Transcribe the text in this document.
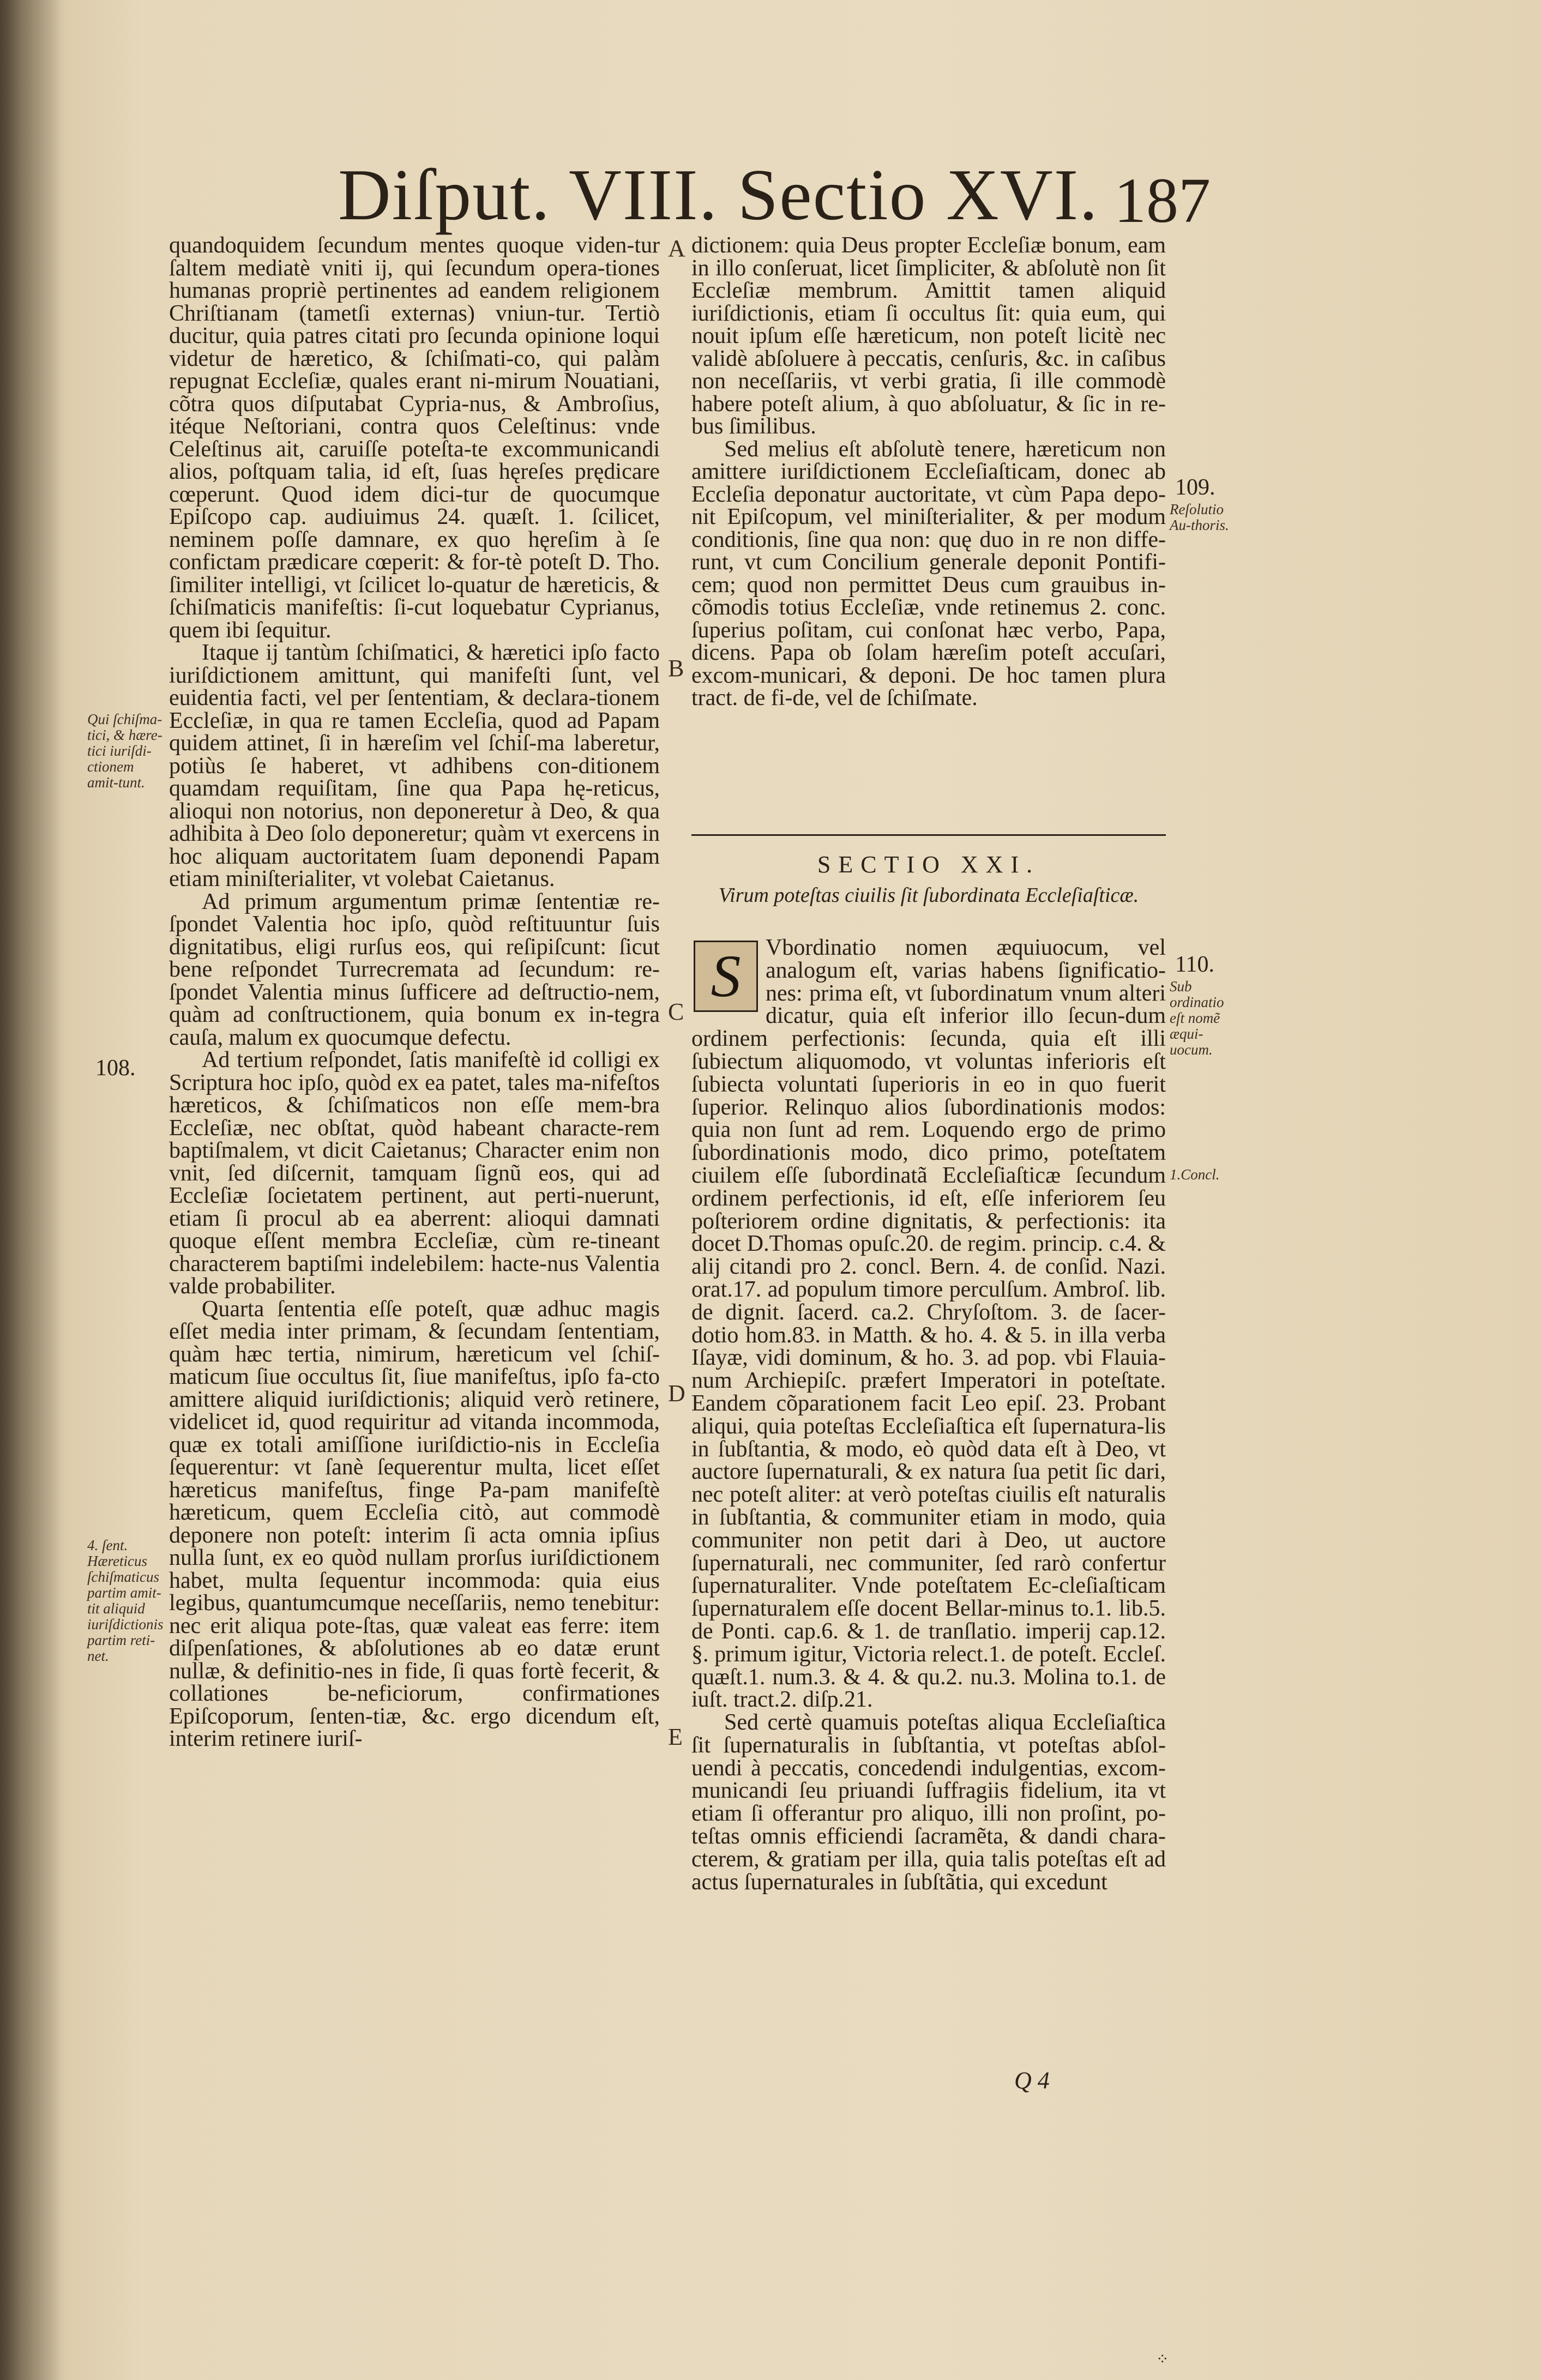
Diſput. VIII. Sectio XVI. 187

quandoquidem ſecundum mentes quoque viden-tur ſaltem mediatè vniti ij, qui ſecundum opera-tiones humanas propriè pertinentes ad eandem religionem Chriſtianam (tametſi externas) vniun-tur. Tertiò ducitur, quia patres citati pro ſecunda opinione loqui videtur de hæretico, & ſchiſmati-co, qui palàm repugnat Eccleſiæ, quales erant ni-mirum Nouatiani, cõtra quos diſputabat Cypria-nus, & Ambroſius, itéque Neſtoriani, contra quos Celeſtinus: vnde Celeſtinus ait, caruiſſe poteſta-te excommunicandi alios, poſtquam talia, id eſt, ſuas hęreſes prędicare cœperunt. Quod idem dici-tur de quocumque Epiſcopo cap. audiuimus 24. quæſt. 1. ſcilicet, neminem poſſe damnare, ex quo hęreſim à ſe confictam prædicare cœperit: & for-tè poteſt D. Tho. ſimiliter intelligi, vt ſcilicet lo-quatur de hæreticis, & ſchiſmaticis manifeſtis: ſi-cut loquebatur Cyprianus, quem ibi ſequitur.

Itaque ij tantùm ſchiſmatici, & hæretici ipſo facto iuriſdictionem amittunt, qui manifeſti ſunt, vel euidentia facti, vel per ſententiam, & declara-tionem Eccleſiæ, in qua re tamen Eccleſia, quod ad Papam quidem attinet, ſi in hæreſim vel ſchiſ-ma laberetur, potiùs ſe haberet, vt adhibens con-ditionem quamdam requiſitam, ſine qua Papa hę-reticus, alioqui non notorius, non deponeretur à Deo, & qua adhibita à Deo ſolo deponeretur; quàm vt exercens in hoc aliquam auctoritatem ſuam deponendi Papam etiam miniſterialiter, vt volebat Caietanus.

Ad primum argumentum primæ ſententiæ re-ſpondet Valentia hoc ipſo, quòd reſtituuntur ſuis dignitatibus, eligi rurſus eos, qui reſipiſcunt: ſicut bene reſpondet Turrecremata ad ſecundum: re-ſpondet Valentia minus ſufficere ad deſtructio-nem, quàm ad conſtructionem, quia bonum ex in-tegra cauſa, malum ex quocumque defectu.

Ad tertium reſpondet, ſatis manifeſtè id colligi ex Scriptura hoc ipſo, quòd ex ea patet, tales ma-nifeſtos hæreticos, & ſchiſmaticos non eſſe mem-bra Eccleſiæ, nec obſtat, quòd habeant characte-rem baptiſmalem, vt dicit Caietanus; Character enim non vnit, ſed diſcernit, tamquam ſignũ eos, qui ad Eccleſiæ ſocietatem pertinent, aut perti-nuerunt, etiam ſi procul ab ea aberrent: alioqui damnati quoque eſſent membra Eccleſiæ, cùm re-tineant characterem baptiſmi indelebilem: hacte-nus Valentia valde probabiliter.

Quarta ſententia eſſe poteſt, quæ adhuc magis eſſet media inter primam, & ſecundam ſententiam, quàm hæc tertia, nimirum, hæreticum vel ſchiſ-maticum ſiue occultus ſit, ſiue manifeſtus, ipſo fa-cto amittere aliquid iuriſdictionis; aliquid verò retinere, videlicet id, quod requiritur ad vitanda incommoda, quæ ex totali amiſſione iuriſdictio-nis in Eccleſia ſequerentur: vt ſanè ſequerentur multa, licet eſſet hæreticus manifeſtus, finge Pa-pam manifeſtè hæreticum, quem Eccleſia citò, aut commodè deponere non poteſt: interim ſi acta omnia ipſius nulla ſunt, ex eo quòd nullam prorſus iuriſdictionem habet, multa ſequentur incommoda: quia eius legibus, quantumcumque neceſſariis, nemo tenebitur: nec erit aliqua pote-ſtas, quæ valeat eas ferre: item diſpenſationes, & abſolutiones ab eo datæ erunt nullæ, & definitio-nes in fide, ſi quas fortè fecerit, & collationes be-neficiorum, confirmationes Epiſcoporum, ſenten-tiæ, &c. ergo dicendum eſt, interim retinere iuriſ-

Qui ſchiſma-tici, & hære-tici iuriſdi-ctionem amit-tunt.
108.
4. ſent. Hæreticus ſchiſmaticus partim amit-tit aliquid iuriſdictionis partim reti-net.

dictionem: quia Deus propter Eccleſiæ bonum, eam in illo conſeruat, licet ſimpliciter, & abſolutè non ſit Eccleſiæ membrum. Amittit tamen aliquid iuriſdictionis, etiam ſi occultus ſit: quia eum, qui nouit ipſum eſſe hæreticum, non poteſt licitè nec validè abſoluere à peccatis, cenſuris, &c. in caſibus non neceſſariis, vt verbi gratia, ſi ille commodè habere poteſt alium, à quo abſoluatur, & ſic in re-bus ſimilibus.

Sed melius eſt abſolutè tenere, hæreticum non amittere iuriſdictionem Eccleſiaſticam, donec ab Eccleſia deponatur auctoritate, vt cùm Papa depo-nit Epiſcopum, vel miniſterialiter, & per modum conditionis, ſine qua non: quę duo in re non diffe-runt, vt cum Concilium generale deponit Pontifi-cem; quod non permittet Deus cum grauibus in-cõmodis totius Eccleſiæ, vnde retinemus 2. conc. ſuperius poſitam, cui conſonat hæc verbo, Papa, dicens. Papa ob ſolam hæreſim poteſt accuſari, excom-municari, & deponi. De hoc tamen plura tract. de fi-de, vel de ſchiſmate.

109.
Reſolutio Au-thoris.
110.
Sub ordinatio eſt nomẽ æqui-uocum.
1.Concl.
A
B
C
D
E
SECTIO XXI.
Virum poteſtas ciuilis ſit ſubordinata Eccleſiaſticæ.

Vbordinatio nomen æquiuocum, vel analogum eſt, varias habens ſignificatio-nes: prima eſt, vt ſubordinatum vnum alteri dicatur, quia eſt inferior illo ſecun-dum ordinem perfectionis: ſecunda, quia eſt illi ſubiectum aliquomodo, vt voluntas inferioris eſt ſubiecta voluntati ſuperioris in eo in quo fuerit ſuperior. Relinquo alios ſubordinationis modos: quia non ſunt ad rem. Loquendo ergo de primo ſubordinationis modo, dico primo, poteſtatem ciuilem eſſe ſubordinatã Eccleſiaſticæ ſecundum ordinem perfectionis, id eſt, eſſe inferiorem ſeu poſteriorem ordine dignitatis, & perfectionis: ita docet D.Thomas opuſc.20. de regim. princip. c.4. & alij citandi pro 2. concl. Bern. 4. de conſid. Nazi. orat.17. ad populum timore perculſum. Ambroſ. lib. de dignit. ſacerd. ca.2. Chryſoſtom. 3. de ſacer-dotio hom.83. in Matth. & ho. 4. & 5. in illa verba Iſayæ, vidi dominum, & ho. 3. ad pop. vbi Flauia-num Archiepiſc. præfert Imperatori in poteſtate. Eandem cõparationem facit Leo epiſ. 23. Probant aliqui, quia poteſtas Eccleſiaſtica eſt ſupernatura-lis in ſubſtantia, & modo, eò quòd data eſt à Deo, vt auctore ſupernaturali, & ex natura ſua petit ſic dari, nec poteſt aliter: at verò poteſtas ciuilis eſt naturalis in ſubſtantia, & communiter etiam in modo, quia communiter non petit dari à Deo, ut auctore ſupernaturali, nec communiter, ſed rarò confertur ſupernaturaliter. Vnde poteſtatem Ec-cleſiaſticam ſupernaturalem eſſe docent Bellar-minus to.1. lib.5. de Ponti. cap.6. & 1. de tranſlatio. imperij cap.12. §. primum igitur, Victoria relect.1. de poteſt. Eccleſ. quæſt.1. num.3. & 4. & qu.2. nu.3. Molina to.1. de iuſt. tract.2. diſp.21.

Sed certè quamuis poteſtas aliqua Eccleſiaſtica ſit ſupernaturalis in ſubſtantia, vt poteſtas abſol-uendi à peccatis, concedendi indulgentias, excom-municandi ſeu priuandi ſuffragiis fidelium, ita vt etiam ſi offerantur pro aliquo, illi non proſint, po-teſtas omnis efficiendi ſacramẽta, & dandi chara-cterem, & gratiam per illa, quia talis poteſtas eſt ad actus ſupernaturales in ſubſtãtia, qui excedunt

S
Q 4
⁘
